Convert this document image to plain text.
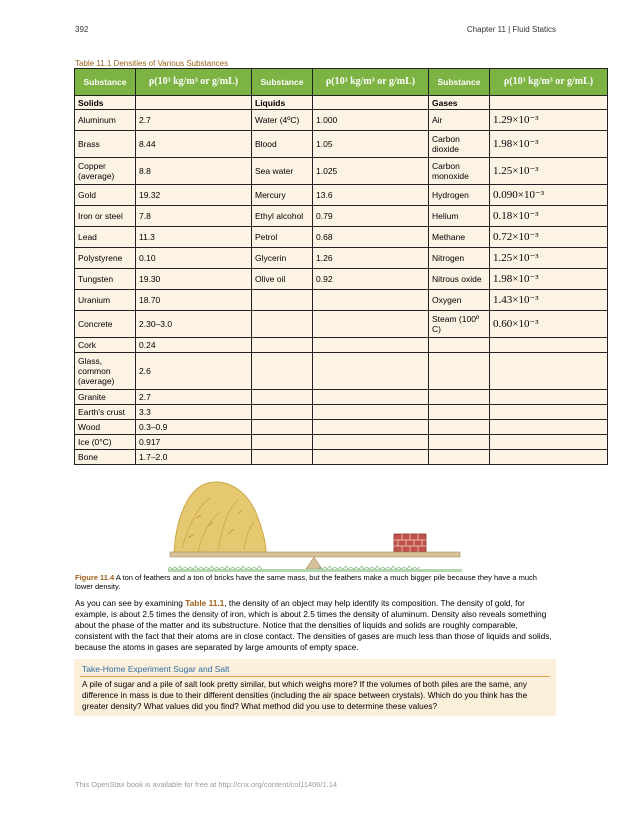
392	Chapter 11 | Fluid Statics
Table 11.1 Densities of Various Substances
Substance	ρ(10³ kg/m³ or g/mL)	Substance	ρ(10³ kg/m³ or g/mL)	Substance	ρ(10³ kg/m³ or g/mL)
Solids		Liquids		Gases	
Aluminum	2.7	Water (4ºC)	1.000	Air	1.29×10⁻³
Brass	8.44	Blood	1.05	Carbon dioxide	1.98×10⁻³
Copper (average)	8.8	Sea water	1.025	Carbon monoxide	1.25×10⁻³
Gold	19.32	Mercury	13.6	Hydrogen	0.090×10⁻³
Iron or steel	7.8	Ethyl alcohol	0.79	Helium	0.18×10⁻³
Lead	11.3	Petrol	0.68	Methane	0.72×10⁻³
Polystyrene	0.10	Glycerin	1.26	Nitrogen	1.25×10⁻³
Tungsten	19.30	Olive oil	0.92	Nitrous oxide	1.98×10⁻³
Uranium	18.70			Oxygen	1.43×10⁻³
Concrete	2.30–3.0			Steam (100º C)	0.60×10⁻³
Cork	0.24				
Glass, common (average)	2.6				
Granite	2.7				
Earth's crust	3.3				
Wood	0.3–0.9				
Ice (0°C)	0.917				
Bone	1.7–2.0				
Figure 11.4 A ton of feathers and a ton of bricks have the same mass, but the feathers make a much bigger pile because they have a much lower density.
As you can see by examining Table 11.1, the density of an object may help identify its composition. The density of gold, for example, is about 2.5 times the density of iron, which is about 2.5 times the density of aluminum. Density also reveals something about the phase of the matter and its substructure. Notice that the densities of liquids and solids are roughly comparable, consistent with the fact that their atoms are in close contact. The densities of gases are much less than those of liquids and solids, because the atoms in gases are separated by large amounts of empty space.
Take-Home Experiment Sugar and Salt
A pile of sugar and a pile of salt look pretty similar, but which weighs more? If the volumes of both piles are the same, any difference in mass is due to their different densities (including the air space between crystals). Which do you think has the greater density? What values did you find? What method did you use to determine these values?
This OpenStax book is available for free at http://cnx.org/content/col11406/1.14
